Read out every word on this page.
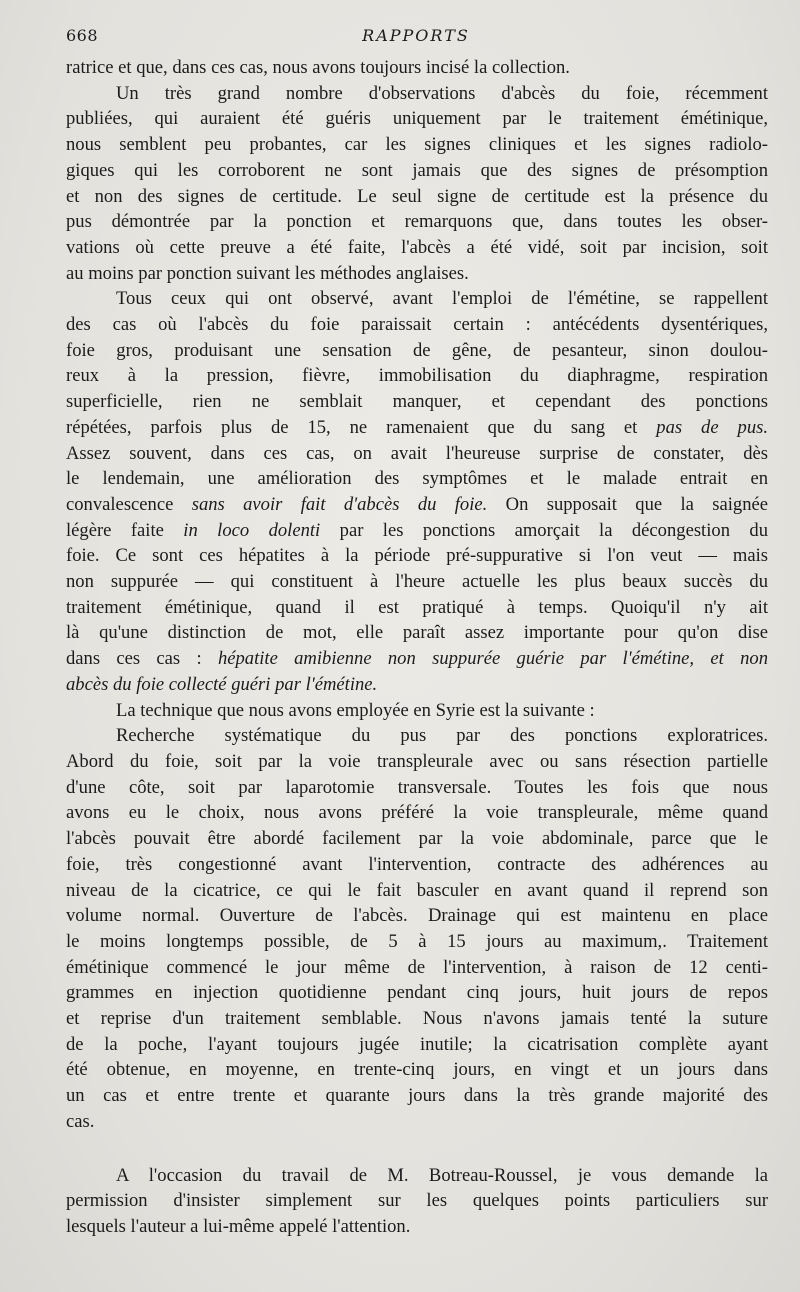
668	RAPPORTS
ratrice et que, dans ces cas, nous avons toujours incisé la collection.
Un très grand nombre d'observations d'abcès du foie, récemment
publiées, qui auraient été guéris uniquement par le traitement émétinique,
nous semblent peu probantes, car les signes cliniques et les signes radiolo-
giques qui les corroborent ne sont jamais que des signes de présomption
et non des signes de certitude. Le seul signe de certitude est la présence du
pus démontrée par la ponction et remarquons que, dans toutes les obser-
vations où cette preuve a été faite, l'abcès a été vidé, soit par incision, soit
au moins par ponction suivant les méthodes anglaises.
Tous ceux qui ont observé, avant l'emploi de l'émétine, se rappellent
des cas où l'abcès du foie paraissait certain : antécédents dysentériques,
foie gros, produisant une sensation de gêne, de pesanteur, sinon doulou-
reux à la pression, fièvre, immobilisation du diaphragme, respiration
superficielle, rien ne semblait manquer, et cependant des ponctions
répétées, parfois plus de 15, ne ramenaient que du sang et pas de pus.
Assez souvent, dans ces cas, on avait l'heureuse surprise de constater, dès
le lendemain, une amélioration des symptômes et le malade entrait en
convalescence sans avoir fait d'abcès du foie. On supposait que la saignée
légère faite in loco dolenti par les ponctions amorçait la décongestion du
foie. Ce sont ces hépatites à la période pré-suppurative si l'on veut — mais
non suppurée — qui constituent à l'heure actuelle les plus beaux succès du
traitement émétinique, quand il est pratiqué à temps. Quoiqu'il n'y ait
là qu'une distinction de mot, elle paraît assez importante pour qu'on dise
dans ces cas : hépatite amibienne non suppurée guérie par l'émétine, et non
abcès du foie collecté guéri par l'émétine.
La technique que nous avons employée en Syrie est la suivante :
Recherche systématique du pus par des ponctions exploratrices.
Abord du foie, soit par la voie transpleurale avec ou sans résection partielle
d'une côte, soit par laparotomie transversale. Toutes les fois que nous
avons eu le choix, nous avons préféré la voie transpleurale, même quand
l'abcès pouvait être abordé facilement par la voie abdominale, parce que le
foie, très congestionné avant l'intervention, contracte des adhérences au
niveau de la cicatrice, ce qui le fait basculer en avant quand il reprend son
volume normal. Ouverture de l'abcès. Drainage qui est maintenu en place
le moins longtemps possible, de 5 à 15 jours au maximum,. Traitement
émétinique commencé le jour même de l'intervention, à raison de 12 centi-
grammes en injection quotidienne pendant cinq jours, huit jours de repos
et reprise d'un traitement semblable. Nous n'avons jamais tenté la suture
de la poche, l'ayant toujours jugée inutile; la cicatrisation complète ayant
été obtenue, en moyenne, en trente-cinq jours, en vingt et un jours dans
un cas et entre trente et quarante jours dans la très grande majorité des
cas.
A l'occasion du travail de M. Botreau-Roussel, je vous demande la
permission d'insister simplement sur les quelques points particuliers sur
lesquels l'auteur a lui-même appelé l'attention.
